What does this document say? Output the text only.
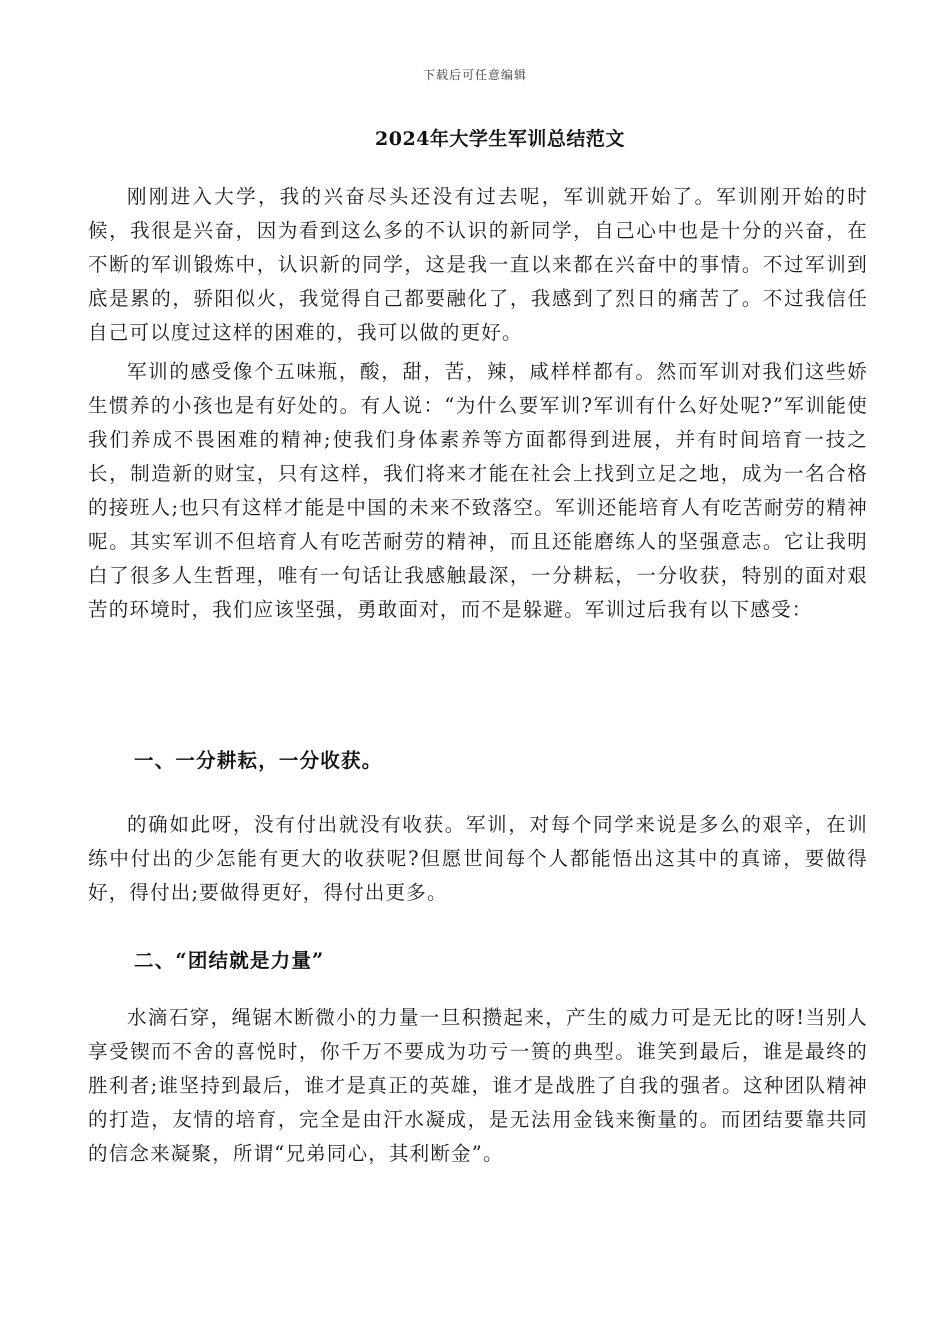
下载后可任意编辑
2024年大学生军训总结范文

刚刚进入大学，我的兴奋尽头还没有过去呢，军训就开始了。军训刚开始的时候，我很是兴奋，因为看到这么多的不认识的新同学，自己心中也是十分的兴奋，在不断的军训锻炼中，认识新的同学，这是我一直以来都在兴奋中的事情。不过军训到底是累的，骄阳似火，我觉得自己都要融化了，我感到了烈日的痛苦了。不过我信任自己可以度过这样的困难的，我可以做的更好。

军训的感受像个五味瓶，酸，甜，苦，辣，咸样样都有。然而军训对我们这些娇生惯养的小孩也是有好处的。有人说：“为什么要军训?军训有什么好处呢?”军训能使我们养成不畏困难的精神;使我们身体素养等方面都得到进展，并有时间培育一技之长，制造新的财宝，只有这样，我们将来才能在社会上找到立足之地，成为一名合格的接班人;也只有这样才能是中国的未来不致落空。军训还能培育人有吃苦耐劳的精神呢。其实军训不但培育人有吃苦耐劳的精神，而且还能磨练人的坚强意志。它让我明白了很多人生哲理，唯有一句话让我感触最深，一分耕耘，一分收获，特别的面对艰苦的环境时，我们应该坚强，勇敢面对，而不是躲避。军训过后我有以下感受：

一、一分耕耘，一分收获。

的确如此呀，没有付出就没有收获。军训，对每个同学来说是多么的艰辛，在训练中付出的少怎能有更大的收获呢?但愿世间每个人都能悟出这其中的真谛，要做得好，得付出;要做得更好，得付出更多。

二、“团结就是力量”

水滴石穿，绳锯木断微小的力量一旦积攒起来，产生的威力可是无比的呀!当别人享受锲而不舍的喜悦时，你千万不要成为功亏一篑的典型。谁笑到最后，谁是最终的胜利者;谁坚持到最后，谁才是真正的英雄，谁才是战胜了自我的强者。这种团队精神的打造，友情的培育，完全是由汗水凝成，是无法用金钱来衡量的。而团结要靠共同的信念来凝聚，所谓“兄弟同心，其利断金”。
